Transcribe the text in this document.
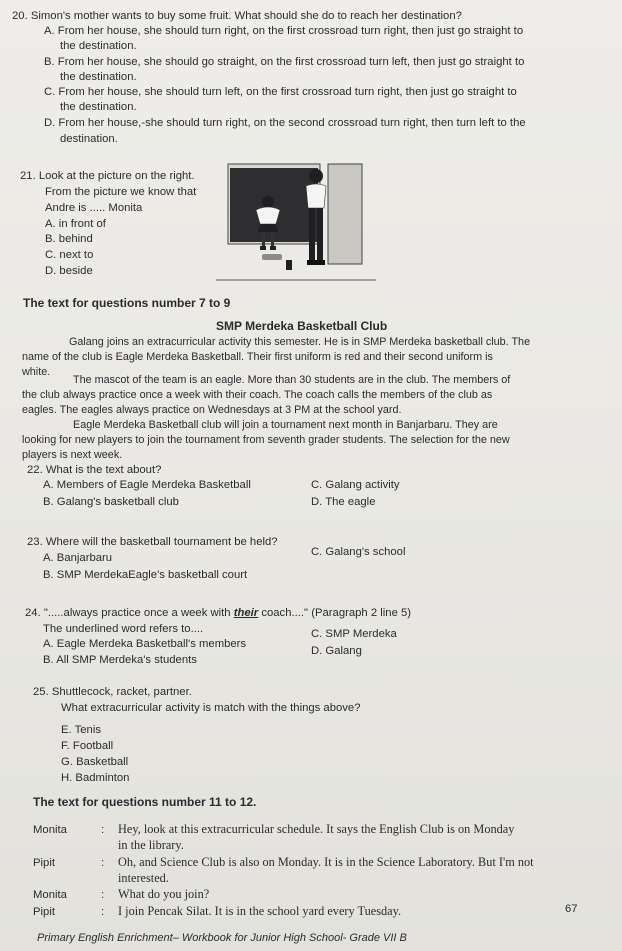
20. Simon's mother wants to buy some fruit. What should she do to reach her destination?
A. From her house, she should turn right, on the first crossroad turn right, then just go straight to
the destination.
B. From her house, she should go straight, on the first crossroad turn left, then just go straight to
the destination.
C. From her house, she should turn left, on the first crossroad turn right, then just go straight to
the destination.
D. From her house,-she should turn right, on the second crossroad turn right, then turn left to the
destination.
21. Look at the picture on the right.
From the picture we know that
Andre is ..... Monita
A. in front of
B. behind
C. next to
D. beside
The text for questions number 7 to 9
SMP Merdeka Basketball Club
Galang joins an extracurricular activity this semester. He is in SMP Merdeka basketball club. The
name of the club is Eagle Merdeka Basketball. Their first uniform is red and their second uniform is
white.
The mascot of the team is an eagle. More than 30 students are in the club. The members of
the club always practice once a week with their coach. The coach calls the members of the club as
eagles. The eagles always practice on Wednesdays at 3 PM at the school yard.
Eagle Merdeka Basketball club will join a tournament next month in Banjarbaru. They are
looking for new players to join the tournament from seventh grader students. The selection for the new
players is next week.
22. What is the text about?
A. Members of Eagle Merdeka Basketball
B. Galang's basketball club
C. Galang activity
D. The eagle
23. Where will the basketball tournament be held?
A. Banjarbaru
B. SMP MerdekaEagle's basketball court
C. Galang's school
24. ".....always practice once a week with their coach...." (Paragraph 2 line 5)
The underlined word refers to....
A. Eagle Merdeka Basketball's members
B. All SMP Merdeka's students
C. SMP Merdeka
D. Galang
25. Shuttlecock, racket, partner.
What extracurricular activity is match with the things above?
E. Tenis
F. Football
G. Basketball
H. Badminton
The text for questions number 11 to 12.
Monita	: Hey, look at this extracurricular schedule. It says the English Club is on Monday
in the library.
Pipit	: Oh, and Science Club is also on Monday. It is in the Science Laboratory. But I'm not
interested.
Monita	: What do you join?
Pipit	: I join Pencak Silat. It is in the school yard every Tuesday.	67
Primary English Enrichment– Workbook for Junior High School- Grade VII B
